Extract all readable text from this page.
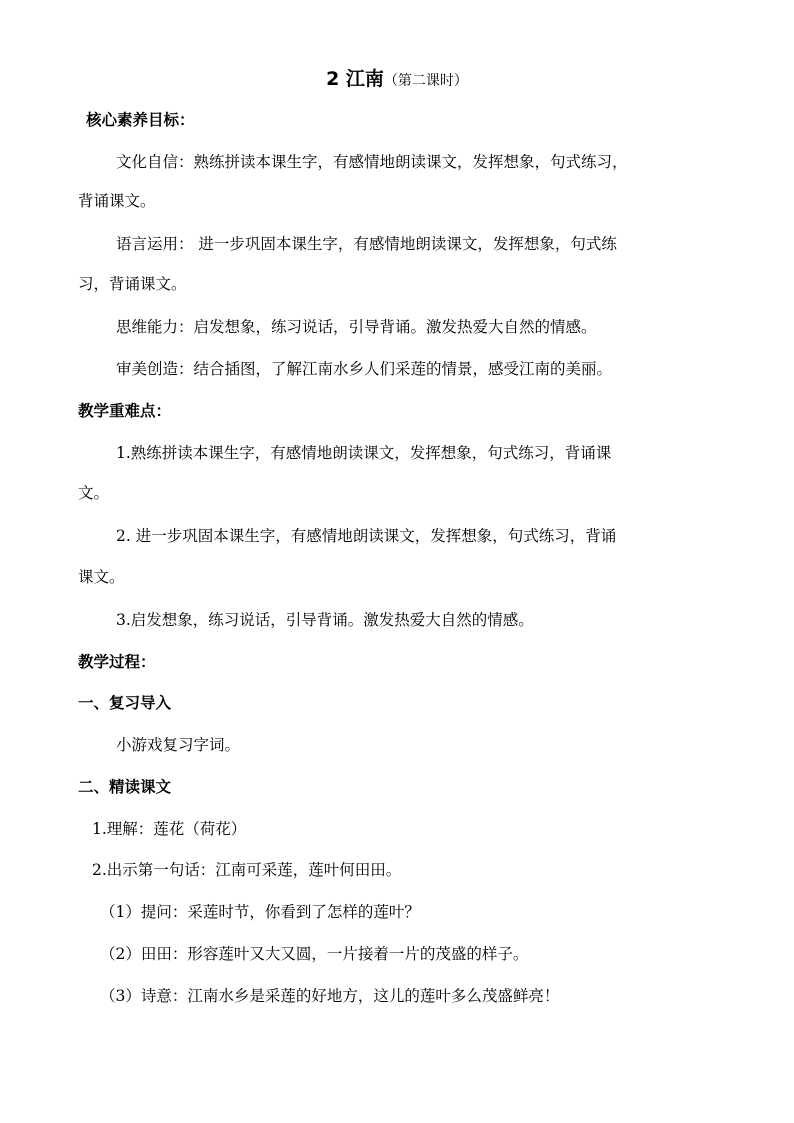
2 江南（第二课时）
核心素养目标：
文化自信：熟练拼读本课生字，有感情地朗读课文，发挥想象，句式练习，
背诵课文。
语言运用： 进一步巩固本课生字，有感情地朗读课文，发挥想象，句式练
习，背诵课文。
思维能力：启发想象，练习说话，引导背诵。激发热爱大自然的情感。
审美创造：结合插图，了解江南水乡人们采莲的情景，感受江南的美丽。
教学重难点：
1.熟练拼读本课生字，有感情地朗读课文，发挥想象，句式练习，背诵课
文。
2. 进一步巩固本课生字，有感情地朗读课文，发挥想象，句式练习，背诵
课文。
3.启发想象，练习说话，引导背诵。激发热爱大自然的情感。
教学过程：
一、复习导入
小游戏复习字词。
二、精读课文
1.理解：莲花（荷花）
2.出示第一句话：江南可采莲，莲叶何田田。
（1）提问：采莲时节，你看到了怎样的莲叶？
（2）田田：形容莲叶又大又圆，一片接着一片的茂盛的样子。
（3）诗意：江南水乡是采莲的好地方，这儿的莲叶多么茂盛鲜亮！
